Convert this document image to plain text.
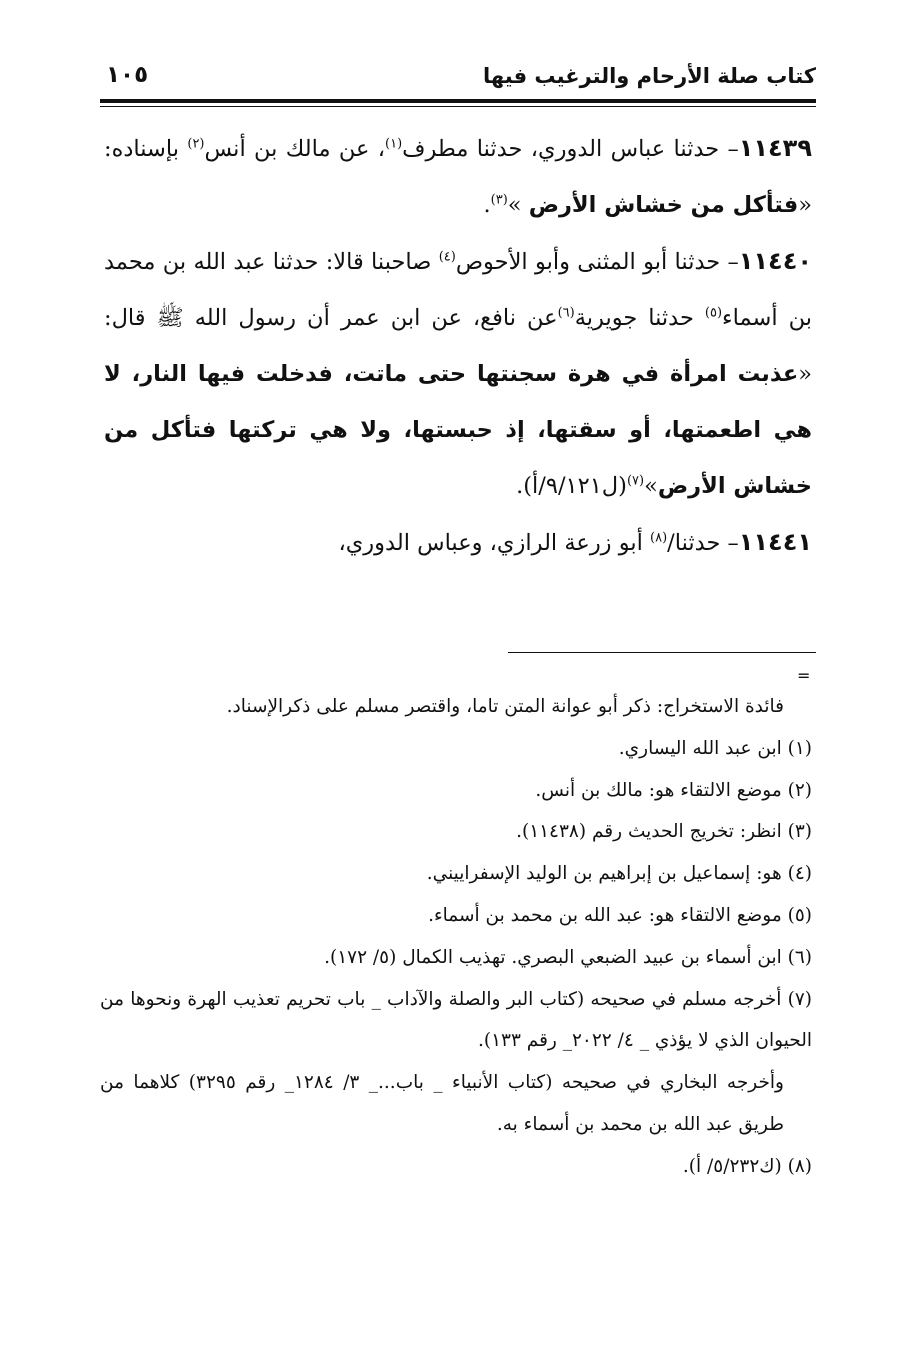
كتاب صلة الأرحام والترغيب فيها
١٠٥

١١٤٣٩– حدثنا عباس الدوري، حدثنا مطرف$^{(١)}$، عن مالك بن أنس$^{(٢)}$ بإسناده: «فتأكل من خشاش الأرض »$^{(٣)}$.

١١٤٤٠– حدثنا أبو المثنى وأبو الأحوص$^{(٤)}$ صاحبنا قالا: حدثنا عبد الله بن محمد بن أسماء$^{(٥)}$ حدثنا جويرية$^{(٦)}$عن نافع، عن ابن عمر أن رسول الله ﷺ قال: «عذبت امرأة في هرة سجنتها حتى ماتت، فدخلت فيها النار، لا هي اطعمتها، أو سقتها، إذ حبستها، ولا هي تركتها فتأكل من خشاش الأرض»$^{(٧)}$(ل٩/١٢١/أ).

١١٤٤١– حدثنا/$^{(٨)}$ أبو زرعة الرازي، وعباس الدوري،

=

فائدة الاستخراج: ذكر أبو عوانة المتن تاما، واقتصر مسلم على ذكرالإسناد.

(١) ابن عبد الله اليساري.

(٢) موضع الالتقاء هو: مالك بن أنس.

(٣) انظر: تخريج الحديث رقم (١١٤٣٨).

(٤) هو: إسماعيل بن إبراهيم بن الوليد الإسفراييني.

(٥) موضع الالتقاء هو: عبد الله بن محمد بن أسماء.

(٦) ابن أسماء بن عبيد الضبعي البصري. تهذيب الكمال (٥/ ١٧٢).

(٧) أخرجه مسلم في صحيحه (كتاب البر والصلة والآداب _ باب تحريم تعذيب الهرة ونحوها من الحيوان الذي لا يؤذي _ ٤/ ٢٠٢٢_ رقم ١٣٣).

وأخرجه البخاري في صحيحه (كتاب الأنبياء _ باب..._ ٣/ ١٢٨٤_ رقم ٣٢٩٥) كلاهما من طريق عبد الله بن محمد بن أسماء به.

(٨) (ك٥/٢٣٢/ أ).
